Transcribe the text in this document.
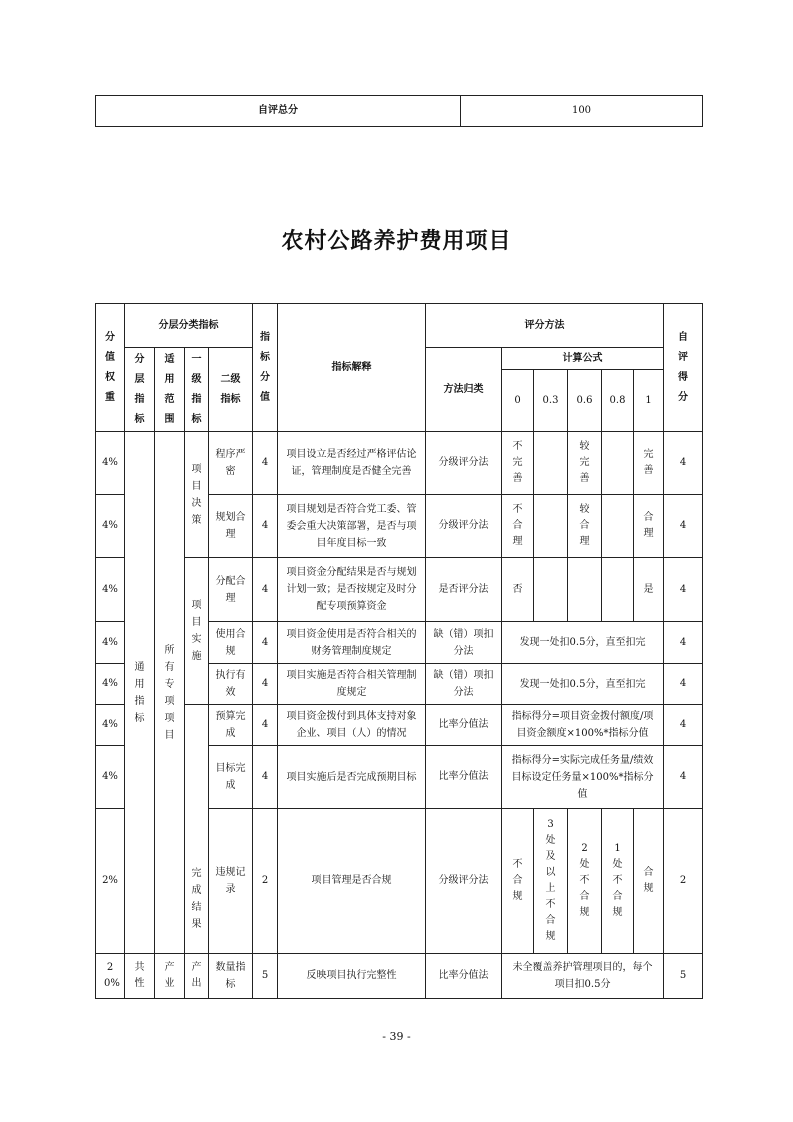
自评总分	100
农村公路养护费用项目
分值权重	分层分类指标				指标分值	指标解释	评分方法						自评得分

	分层指标	适用范围	一级指标	二级指标			方法归类	计算公式					
								0	0.3	0.6	0.8	1	
4%	通用指标	所有专项项目	项目决策	程序严密	4	项目设立是否经过严格评估论证，管理制度是否健全完善	分级评分法	不完善		较完善		完善	4
4%				规划合理	4	项目规划是否符合党工委、管委会重大决策部署，是否与项目年度目标一致	分级评分法	不合理		较合理		合理	4
4%			项目实施	分配合理	4	项目资金分配结果是否与规划计划一致；是否按规定及时分配专项预算资金	是否评分法	否				是	4
4%				使用合规	4	项目资金使用是否符合相关的财务管理制度规定	缺（错）项扣分法	发现一处扣0.5分，直至扣完					4
4%				执行有效	4	项目实施是否符合相关管理制度规定	缺（错）项扣分法	发现一处扣0.5分，直至扣完					4
4%			完成结果	预算完成	4	项目资金拨付到具体支持对象企业、项目（人）的情况	比率分值法	指标得分=项目资金拨付额度/项目资金额度×100%*指标分值					4
4%				目标完成	4	项目实施后是否完成预期目标	比率分值法	指标得分=实际完成任务量/绩效目标设定任务量×100%*指标分值					4
2%				违规记录	2	项目管理是否合规	分级评分法	不合规	3处及以上不合规	2处不合规	1处不合规	合规	2
20%	共性	产业	产出	数量指标	5	反映项目执行完整性	比率分值法	未全覆盖养护管理项目的，每个项目扣0.5分					5
- 39 -
